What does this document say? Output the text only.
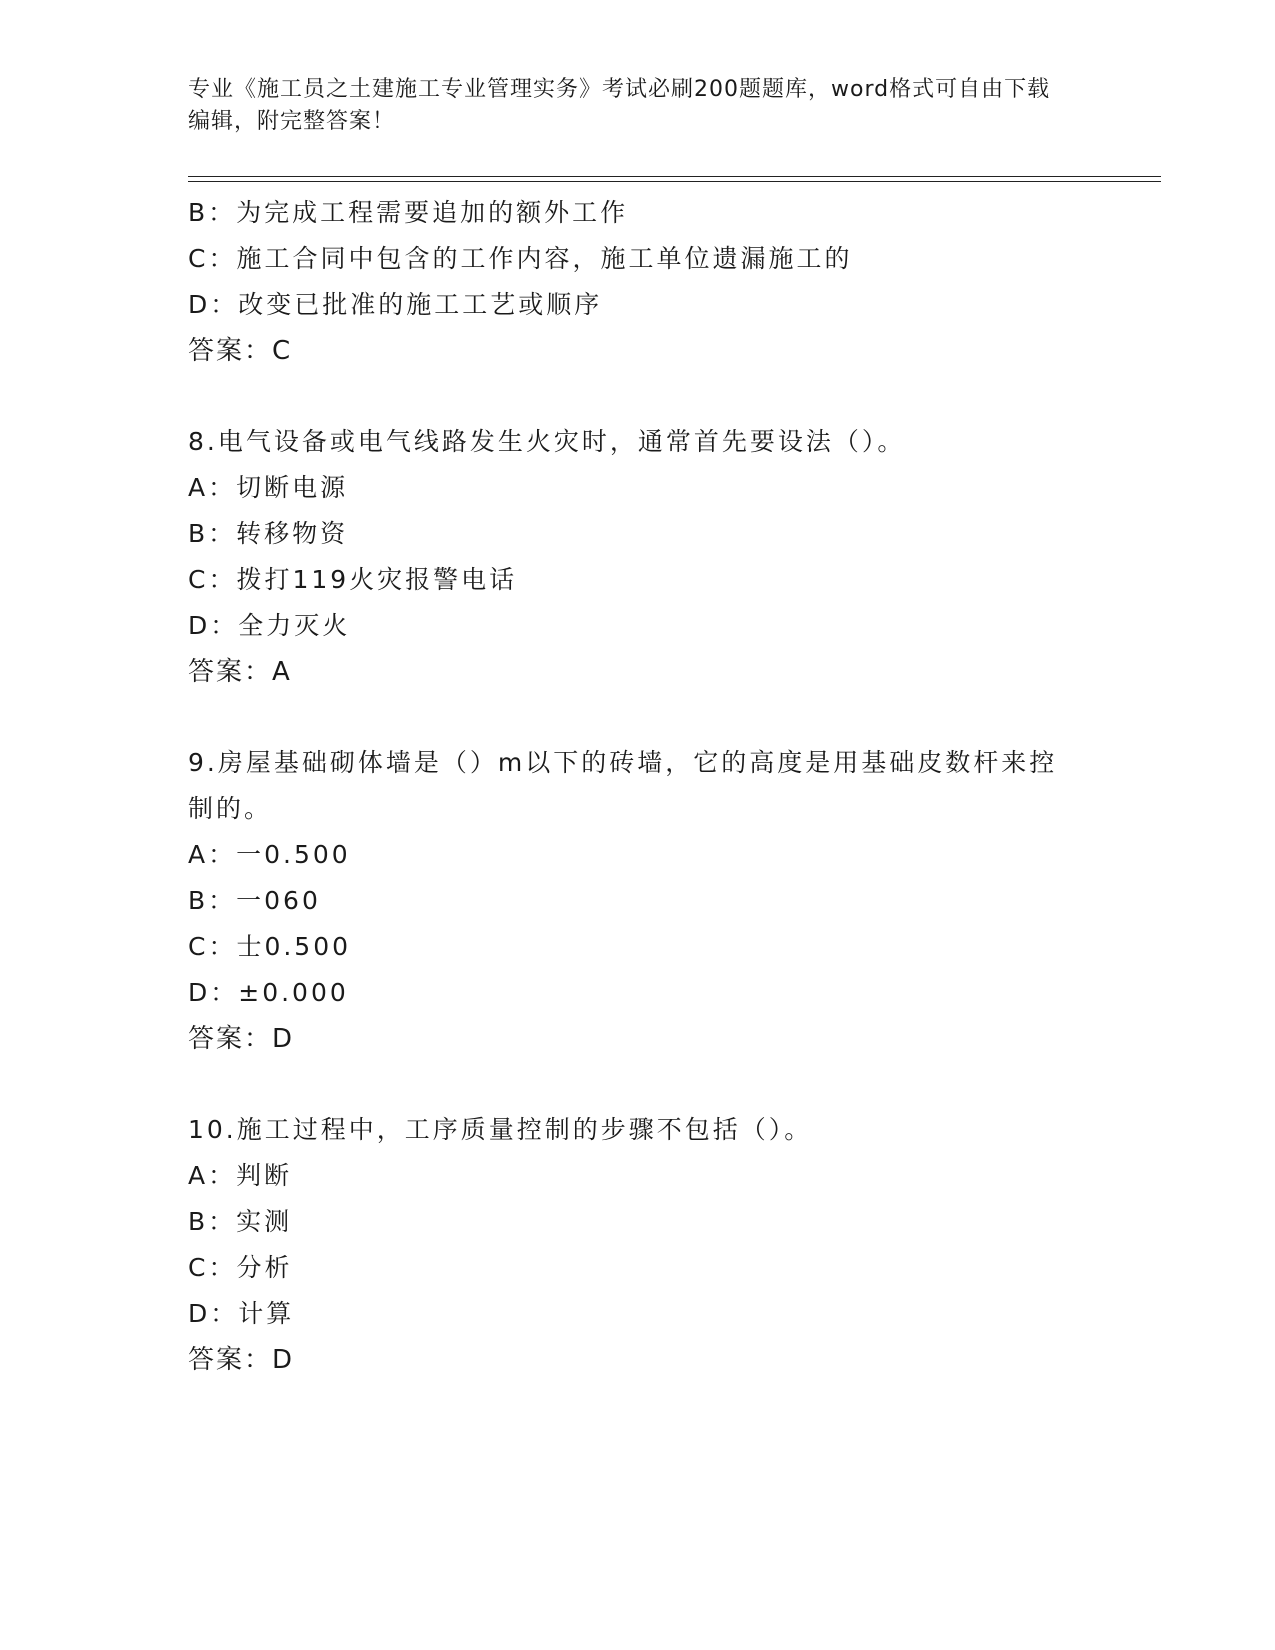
专业《施工员之土建施工专业管理实务》考试必刷200题题库，word格式可自由下载编辑，附完整答案！
B：为完成工程需要追加的额外工作
C：施工合同中包含的工作内容，施工单位遗漏施工的
D：改变已批准的施工工艺或顺序
答案：C
8.电气设备或电气线路发生火灾时，通常首先要设法（）。
A：切断电源
B：转移物资
C：拨打119火灾报警电话
D：全力灭火
答案：A
9.房屋基础砌体墙是（）m以下的砖墙，它的高度是用基础皮数杆来控
制的。
A：一0.500
B：一060
C：士0.500
D：±0.000
答案：D
10.施工过程中，工序质量控制的步骤不包括（）。
A：判断
B：实测
C：分析
D：计算
答案：D
